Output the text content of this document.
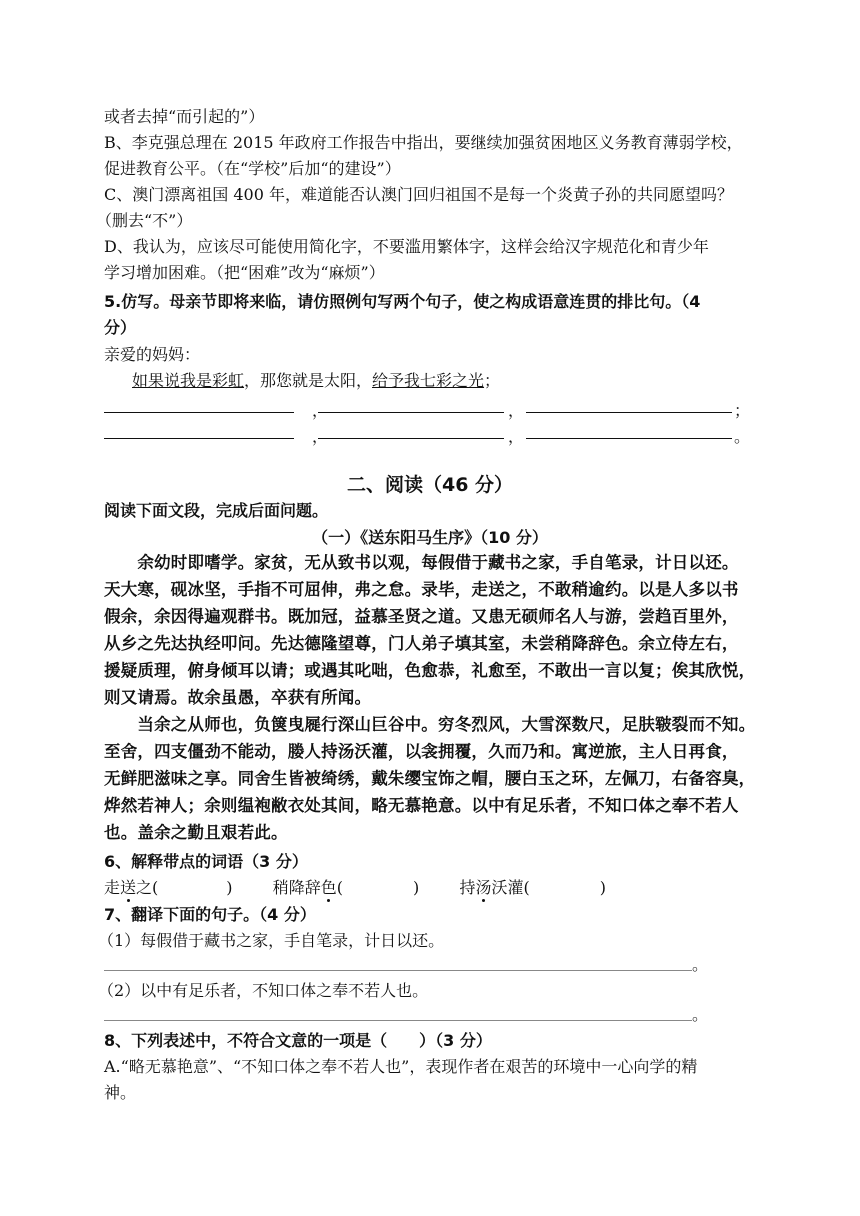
或者去掉“而引起的”）
B、李克强总理在 2015 年政府工作报告中指出，要继续加强贫困地区义务教育薄弱学校，
促进教育公平。（在“学校”后加“的建设”）
C、澳门漂离祖国 400 年，难道能否认澳门回归祖国不是每一个炎黄子孙的共同愿望吗？
（删去“不”）
D、我认为，应该尽可能使用简化字，不要滥用繁体字，这样会给汉字规范化和青少年
学习增加困难。（把“困难”改为“麻烦”）
5.仿写。母亲节即将来临，请仿照例句写两个句子，使之构成语意连贯的排比句。（4
分）
亲爱的妈妈：
如果说我是彩虹，那您就是太阳，给予我七彩之光；
，	，	；
，	，	。
二、阅读（46 分）
阅读下面文段，完成后面问题。
（一）《送东阳马生序》（10 分）
　　余幼时即嗜学。家贫，无从致书以观，每假借于藏书之家，手自笔录，计日以还。
天大寒，砚冰坚，手指不可屈伸，弗之怠。录毕，走送之，不敢稍逾约。以是人多以书
假余，余因得遍观群书。既加冠，益慕圣贤之道。又患无硕师名人与游，尝趋百里外，
从乡之先达执经叩问。先达德隆望尊，门人弟子填其室，未尝稍降辞色。余立侍左右，
援疑质理，俯身倾耳以请；或遇其叱咄，色愈恭，礼愈至，不敢出一言以复；俟其欣悦，
则又请焉。故余虽愚，卒获有所闻。
　　当余之从师也，负箧曳屣行深山巨谷中。穷冬烈风，大雪深数尺，足肤皲裂而不知。
至舍，四支僵劲不能动，媵人持汤沃灌，以衾拥覆，久而乃和。寓逆旅，主人日再食，
无鲜肥滋味之享。同舍生皆被绮绣，戴朱缨宝饰之帽，腰白玉之环，左佩刀，右备容臭，
烨然若神人；余则缊袍敝衣处其间，略无慕艳意。以中有足乐者，不知口体之奉不若人
也。盖余之勤且艰若此。
6、解释带点的词语（3 分）
走送之(	)	稍降辞色(	)	持汤沃灌(	)
7、翻译下面的句子。（4 分）
（1）每假借于藏书之家，手自笔录，计日以还。
。
（2）以中有足乐者，不知口体之奉不若人也。
。
8、下列表述中，不符合文意的一项是（　　）（3 分）
A.“略无慕艳意”、“不知口体之奉不若人也”，表现作者在艰苦的环境中一心向学的精
神。
